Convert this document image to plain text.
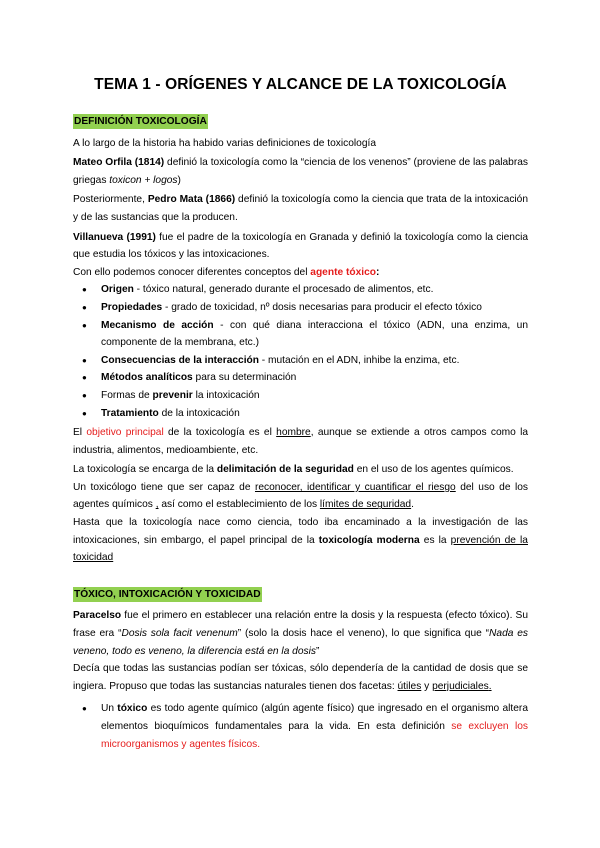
TEMA 1 - ORÍGENES Y ALCANCE DE LA TOXICOLOGÍA
DEFINICIÓN TOXICOLOGÍA

A lo largo de la historia ha habido varias definiciones de toxicología

Mateo Orfila (1814) definió la toxicología como la “ciencia de los venenos” (proviene de las palabras griegas toxicon + logos)

Posteriormente, Pedro Mata (1866) definió la toxicología como la ciencia que trata de la intoxicación y de las sustancias que la producen.

Villanueva (1991) fue el padre de la toxicología en Granada y definió la toxicología como la ciencia que estudia los tóxicos y las intoxicaciones.

Con ello podemos conocer diferentes conceptos del agente tóxico:

● Origen - tóxico natural, generado durante el procesado de alimentos, etc.
● Propiedades - grado de toxicidad, nº dosis necesarias para producir el efecto tóxico
● Mecanismo de acción - con qué diana interacciona el tóxico (ADN, una enzima, un componente de la membrana, etc.)
● Consecuencias de la interacción - mutación en el ADN, inhibe la enzima, etc.
● Métodos analíticos para su determinación
● Formas de prevenir la intoxicación
● Tratamiento de la intoxicación

El objetivo principal de la toxicología es el hombre, aunque se extiende a otros campos como la industria, alimentos, medioambiente, etc.

La toxicología se encarga de la delimitación de la seguridad en el uso de los agentes químicos.

Un toxicólogo tiene que ser capaz de reconocer, identificar y cuantificar el riesgo del uso de los agentes químicos , así como el establecimiento de los límites de seguridad.

Hasta que la toxicología nace como ciencia, todo iba encaminado a la investigación de las intoxicaciones, sin embargo, el papel principal de la toxicología moderna es la prevención de la toxicidad

TÓXICO, INTOXICACIÓN Y TOXICIDAD

Paracelso fue el primero en establecer una relación entre la dosis y la respuesta (efecto tóxico). Su frase era “Dosis sola facit venenum” (solo la dosis hace el veneno), lo que significa que “Nada es veneno, todo es veneno, la diferencia está en la dosis”

Decía que todas las sustancias podían ser tóxicas, sólo dependería de la cantidad de dosis que se ingiera. Propuso que todas las sustancias naturales tienen dos facetas: útiles y perjudiciales.

● Un tóxico es todo agente químico (algún agente físico) que ingresado en el organismo altera elementos bioquímicos fundamentales para la vida. En esta definición se excluyen los microorganismos y agentes físicos.
